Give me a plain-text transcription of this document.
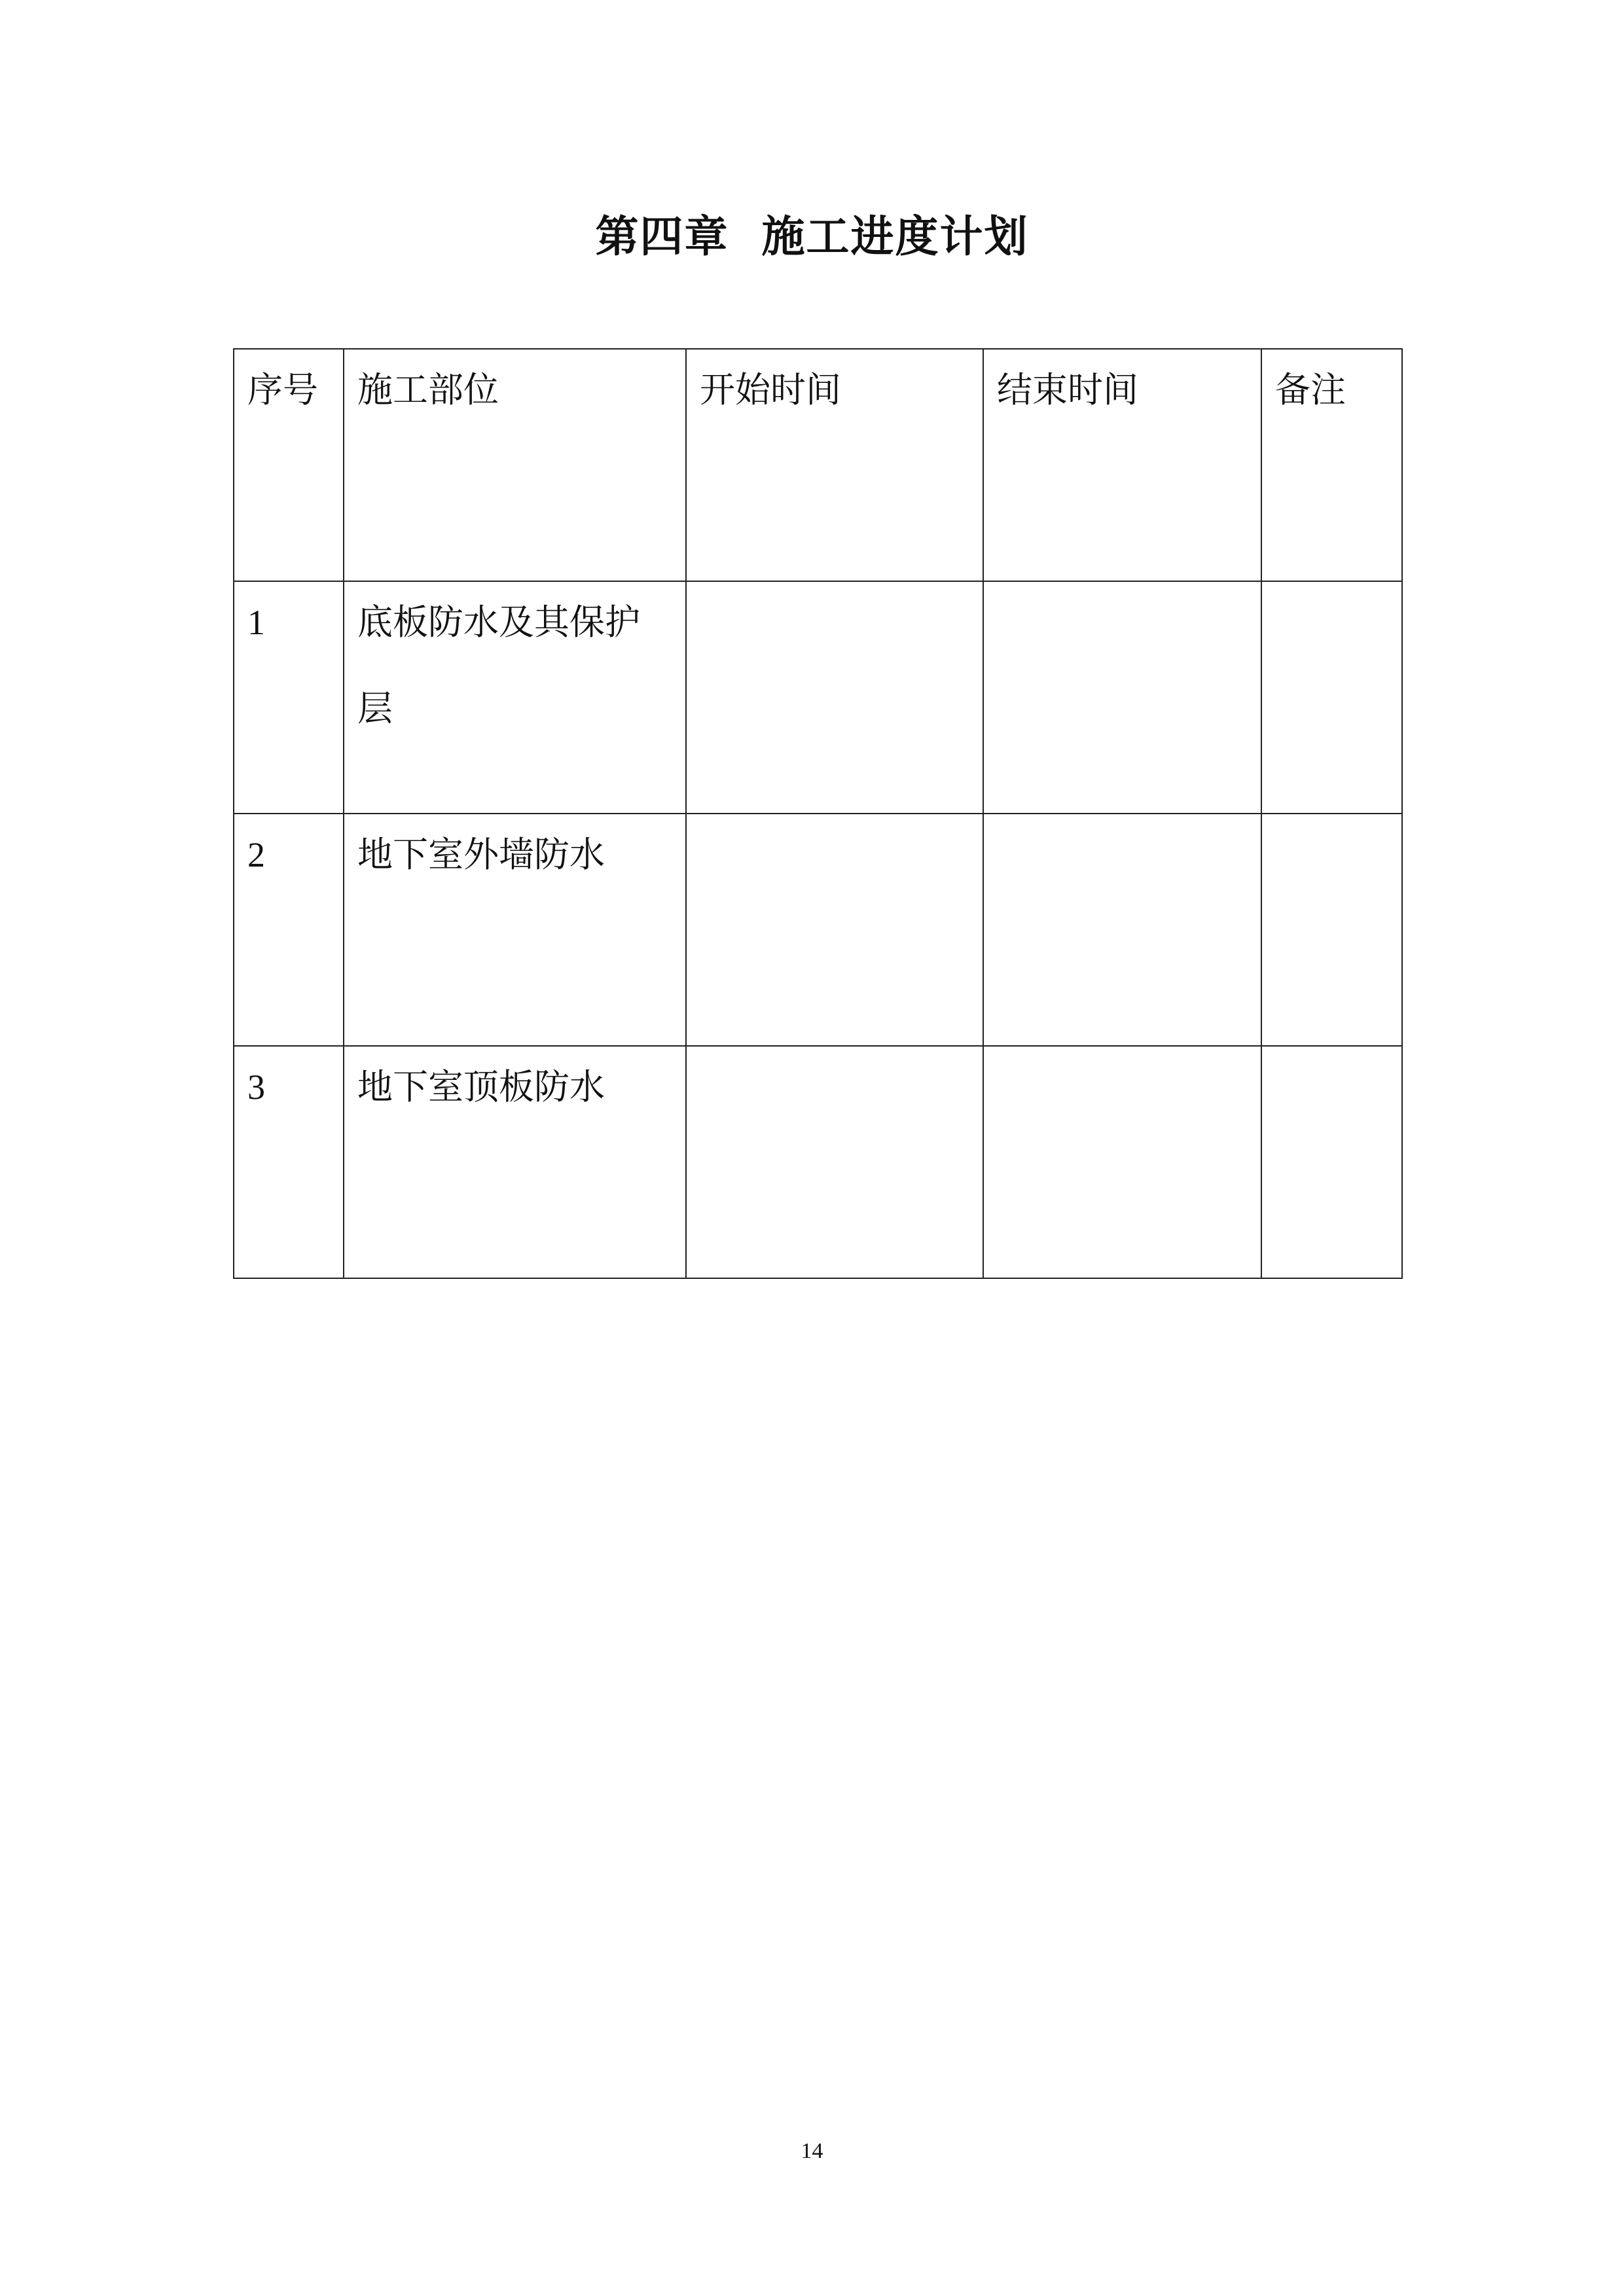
第四章  施工进度计划
序号	施工部位	开始时间	结束时间	备注

1	底板防水及其保护层			

2	地下室外墙防水			

3	地下室顶板防水			

14
